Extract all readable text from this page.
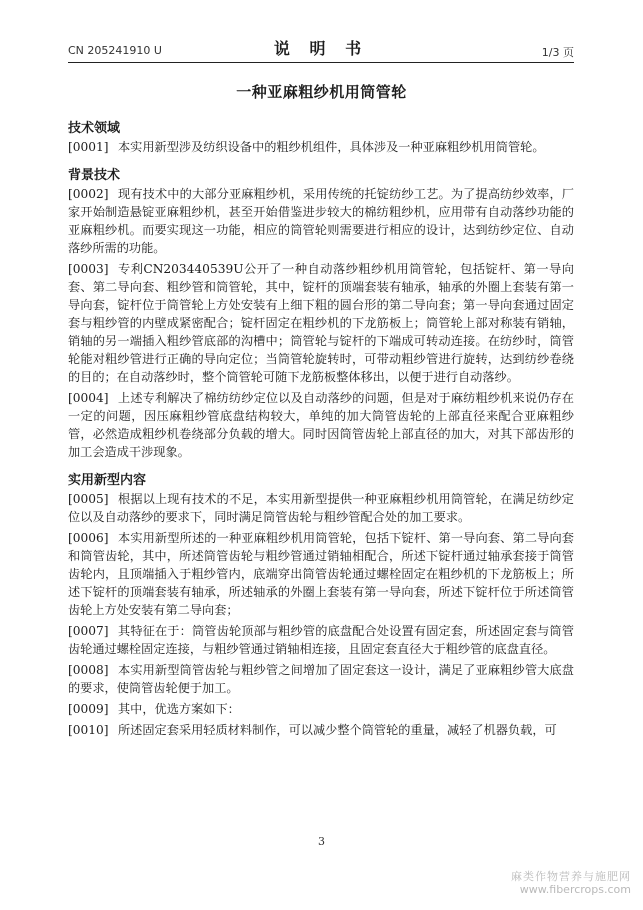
CN 205241910 U	说 明 书	1/3 页
一种亚麻粗纱机用筒管轮
技术领域
[0001] 本实用新型涉及纺织设备中的粗纱机组件，具体涉及一种亚麻粗纱机用筒管轮。
背景技术
[0002] 现有技术中的大部分亚麻粗纱机，采用传统的托锭纺纱工艺。为了提高纺纱效率，厂家开始制造悬锭亚麻粗纱机，甚至开始借鉴进步较大的棉纺粗纱机，应用带有自动落纱功能的亚麻粗纱机。而要实现这一功能，相应的筒管轮则需要进行相应的设计，达到纺纱定位、自动落纱所需的功能。
[0003] 专利CN203440539U公开了一种自动落纱粗纱机用筒管轮，包括锭杆、第一导向套、第二导向套、粗纱管和筒管轮，其中，锭杆的顶端套装有轴承，轴承的外圈上套装有第一导向套，锭杆位于筒管轮上方处安装有上细下粗的圆台形的第二导向套；第一导向套通过固定套与粗纱管的内壁成紧密配合；锭杆固定在粗纱机的下龙筋板上；筒管轮上部对称装有销轴，销轴的另一端插入粗纱管底部的沟槽中；筒管轮与锭杆的下端成可转动连接。在纺纱时，筒管轮能对粗纱管进行正确的导向定位；当筒管轮旋转时，可带动粗纱管进行旋转，达到纺纱卷绕的目的；在自动落纱时，整个筒管轮可随下龙筋板整体移出，以便于进行自动落纱。
[0004] 上述专利解决了棉纺纺纱定位以及自动落纱的问题，但是对于麻纺粗纱机来说仍存在一定的问题，因压麻粗纱管底盘结构较大，单纯的加大筒管齿轮的上部直径来配合亚麻粗纱管，必然造成粗纱机卷绕部分负载的增大。同时因筒管齿轮上部直径的加大，对其下部齿形的加工会造成干涉现象。
实用新型内容
[0005] 根据以上现有技术的不足，本实用新型提供一种亚麻粗纱机用筒管轮，在满足纺纱定位以及自动落纱的要求下，同时满足筒管齿轮与粗纱管配合处的加工要求。
[0006] 本实用新型所述的一种亚麻粗纱机用筒管轮，包括下锭杆、第一导向套、第二导向套和筒管齿轮，其中，所述筒管齿轮与粗纱管通过销轴相配合，所述下锭杆通过轴承套接于筒管齿轮内，且顶端插入于粗纱管内，底端穿出筒管齿轮通过螺栓固定在粗纱机的下龙筋板上；所述下锭杆的顶端套装有轴承，所述轴承的外圈上套装有第一导向套，所述下锭杆位于所述筒管齿轮上方处安装有第二导向套；
[0007] 其特征在于：筒管齿轮顶部与粗纱管的底盘配合处设置有固定套，所述固定套与筒管齿轮通过螺栓固定连接，与粗纱管通过销轴相连接，且固定套直径大于粗纱管的底盘直径。
[0008] 本实用新型筒管齿轮与粗纱管之间增加了固定套这一设计，满足了亚麻粗纱管大底盘的要求，使筒管齿轮便于加工。
[0009] 其中，优选方案如下：
[0010] 所述固定套采用轻质材料制作，可以减少整个筒管轮的重量，减轻了机器负载，可
3
麻类作物营养与施肥网
www.fibercrops.com
